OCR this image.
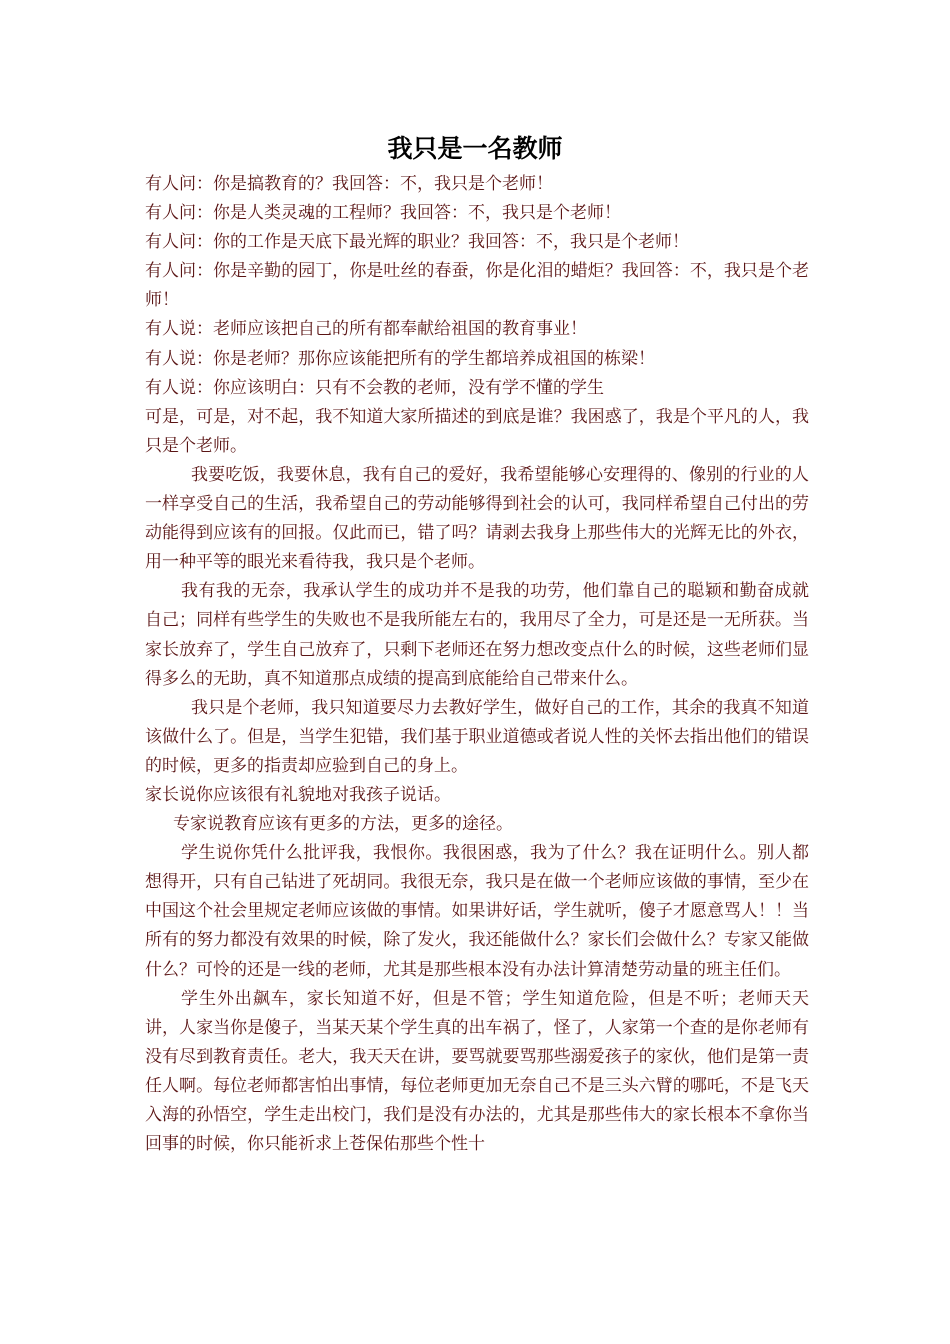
我只是一名教师

有人问：你是搞教育的？我回答：不，我只是个老师！

有人问：你是人类灵魂的工程师？我回答：不，我只是个老师！

有人问：你的工作是天底下最光辉的职业？我回答：不，我只是个老师！

有人问：你是辛勤的园丁，你是吐丝的春蚕，你是化泪的蜡炬？我回答：不，我只是个老师！

有人说：老师应该把自己的所有都奉献给祖国的教育事业！

有人说：你是老师？那你应该能把所有的学生都培养成祖国的栋梁！

有人说：你应该明白：只有不会教的老师，没有学不懂的学生

可是，可是，对不起，我不知道大家所描述的到底是谁？我困惑了，我是个平凡的人，我只是个老师。

我要吃饭，我要休息，我有自己的爱好，我希望能够心安理得的、像别的行业的人一样享受自己的生活，我希望自己的劳动能够得到社会的认可，我同样希望自己付出的劳动能得到应该有的回报。仅此而已，错了吗？请剥去我身上那些伟大的光辉无比的外衣，用一种平等的眼光来看待我，我只是个老师。

我有我的无奈，我承认学生的成功并不是我的功劳，他们靠自己的聪颖和勤奋成就自己；同样有些学生的失败也不是我所能左右的，我用尽了全力，可是还是一无所获。当家长放弃了，学生自己放弃了，只剩下老师还在努力想改变点什么的时候，这些老师们显得多么的无助，真不知道那点成绩的提高到底能给自己带来什么。

我只是个老师，我只知道要尽力去教好学生，做好自己的工作，其余的我真不知道该做什么了。但是，当学生犯错，我们基于职业道德或者说人性的关怀去指出他们的错误的时候，更多的指责却应验到自己的身上。

家长说你应该很有礼貌地对我孩子说话。

专家说教育应该有更多的方法，更多的途径。

学生说你凭什么批评我，我恨你。我很困惑，我为了什么？我在证明什么。别人都想得开，只有自己钻进了死胡同。我很无奈，我只是在做一个老师应该做的事情，至少在中国这个社会里规定老师应该做的事情。如果讲好话，学生就听，傻子才愿意骂人！！当所有的努力都没有效果的时候，除了发火，我还能做什么？家长们会做什么？专家又能做什么？可怜的还是一线的老师，尤其是那些根本没有办法计算清楚劳动量的班主任们。

学生外出飙车，家长知道不好，但是不管；学生知道危险，但是不听；老师天天讲，人家当你是傻子，当某天某个学生真的出车祸了，怪了，人家第一个查的是你老师有没有尽到教育责任。老大，我天天在讲，要骂就要骂那些溺爱孩子的家伙，他们是第一责任人啊。每位老师都害怕出事情，每位老师更加无奈自己不是三头六臂的哪吒，不是飞天入海的孙悟空，学生走出校门，我们是没有办法的，尤其是那些伟大的家长根本不拿你当回事的时候，你只能祈求上苍保佑那些个性十
